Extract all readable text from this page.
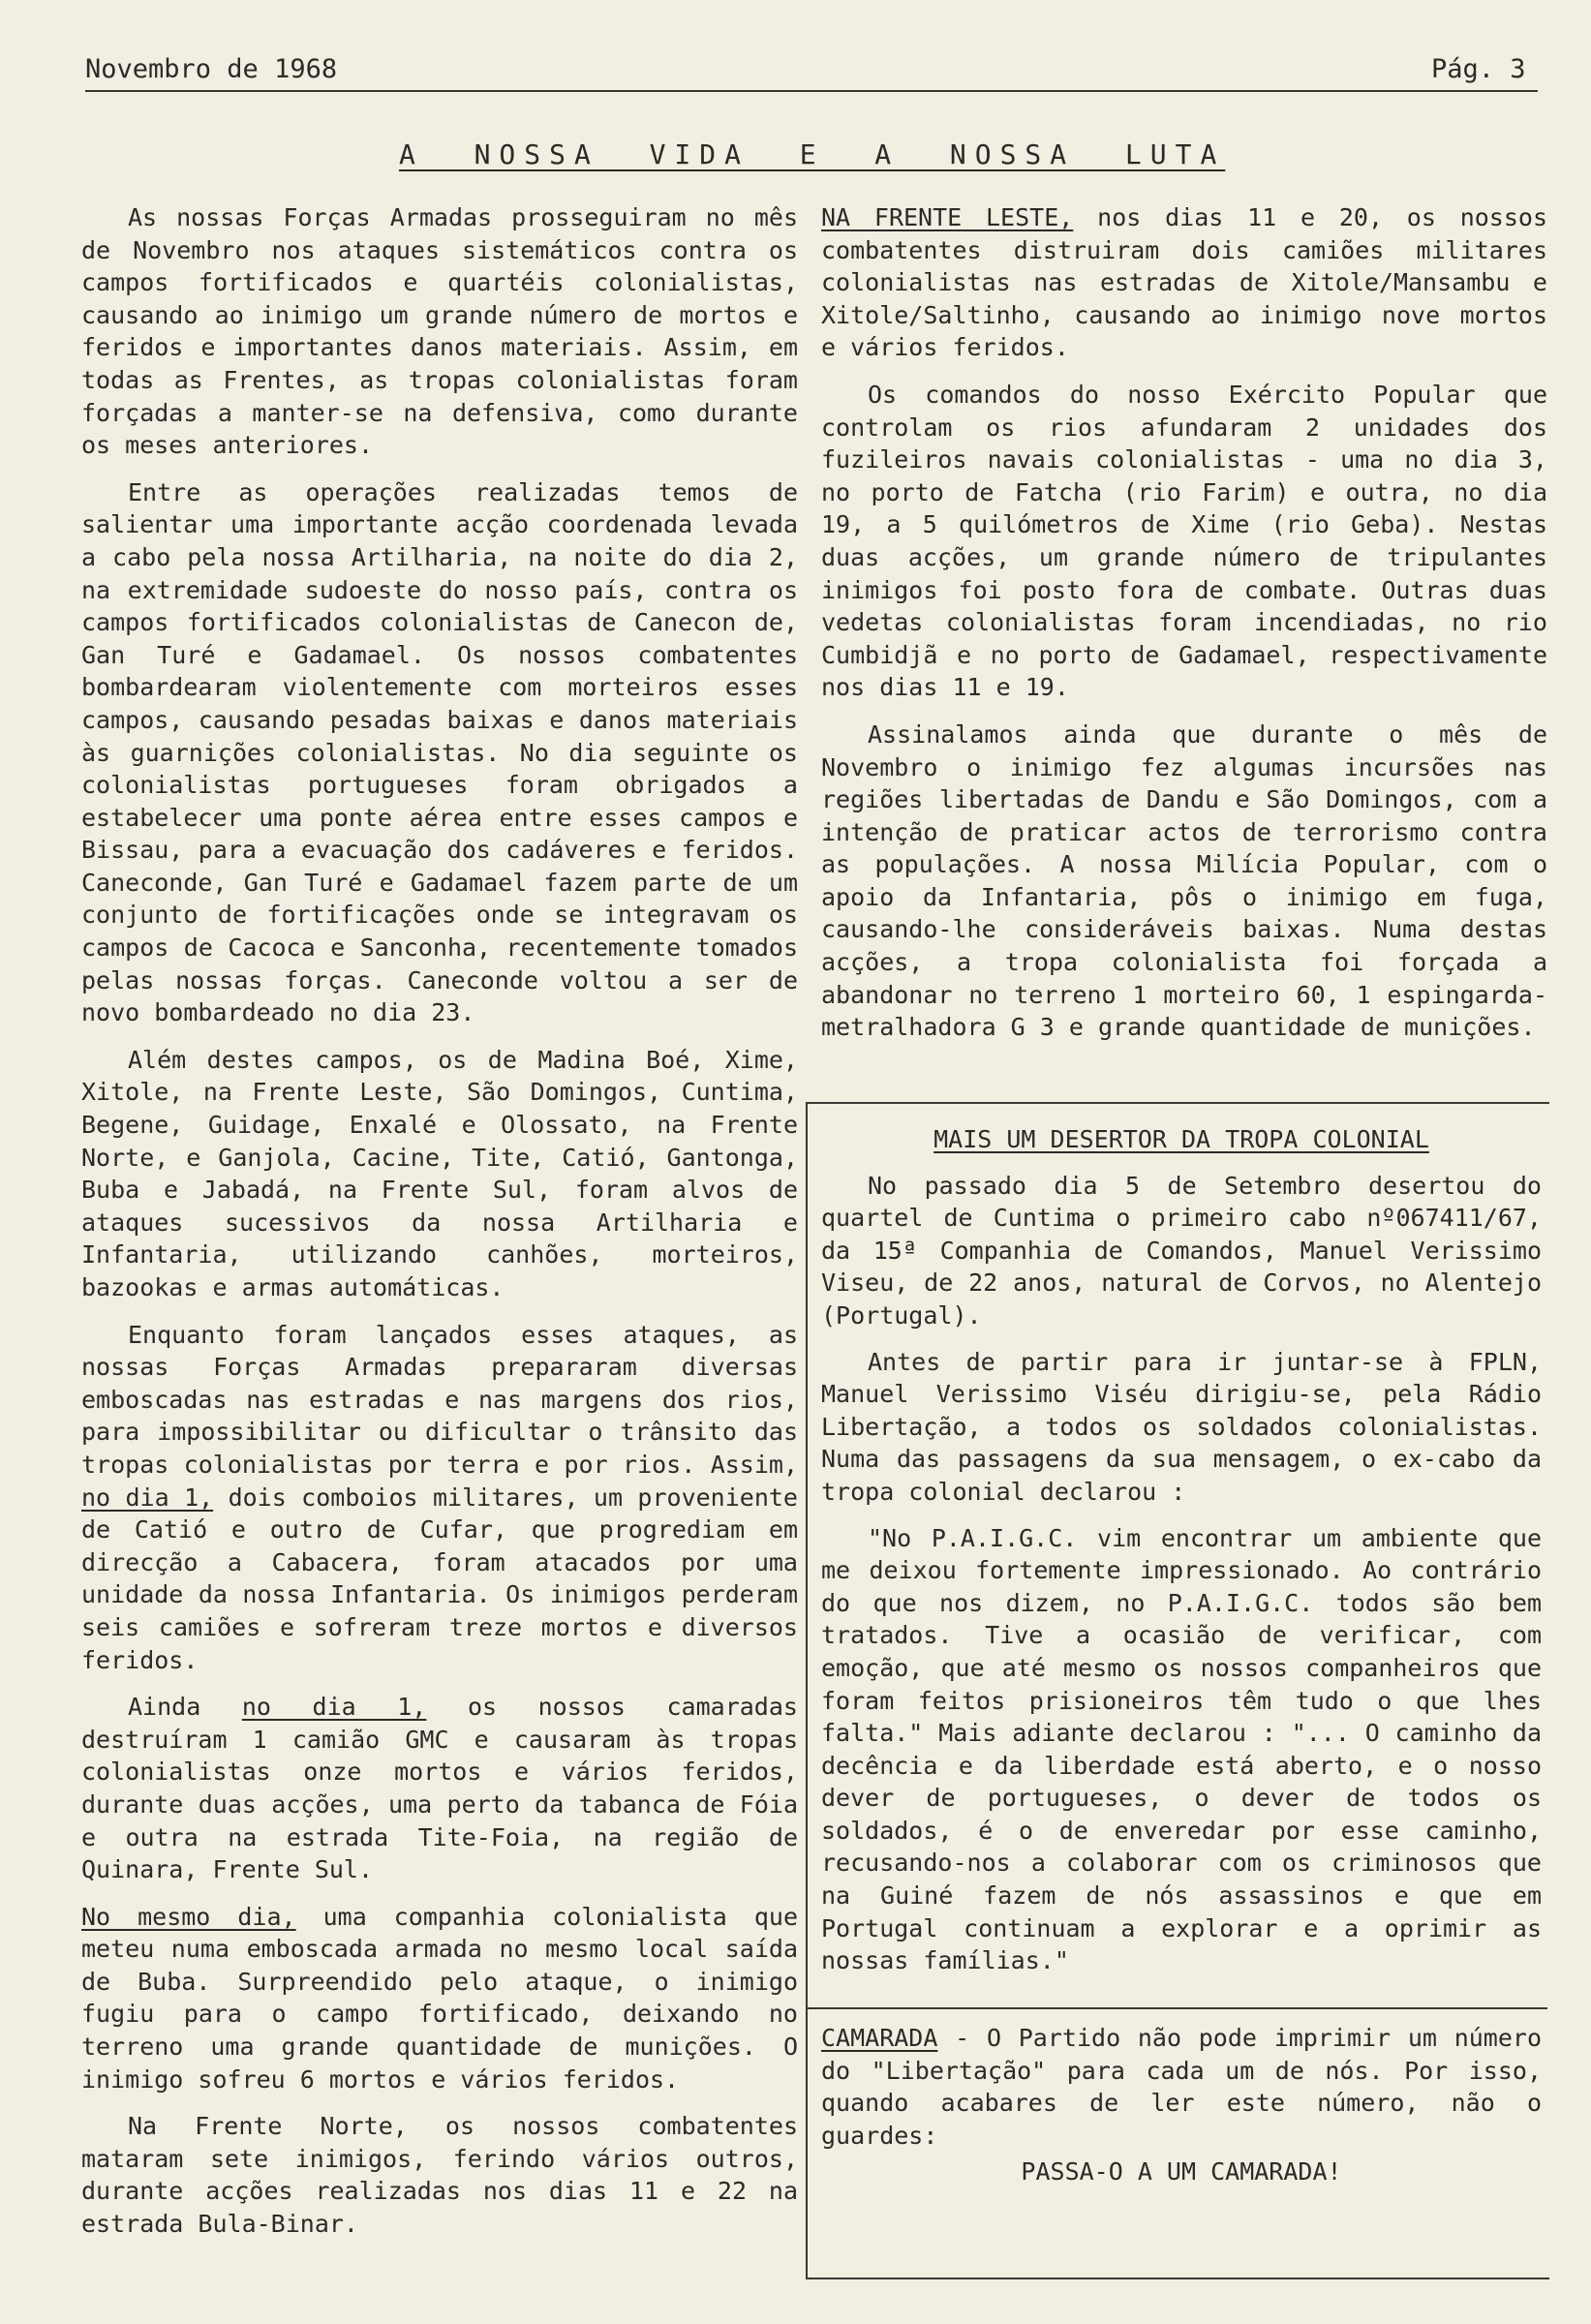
Novembro de 1968	Pág. 3
A  NOSSA  VIDA  E  A  NOSSA  LUTA

As nossas Forças Armadas prosseguiram no mês de Novembro nos ataques sistemáticos contra os campos fortificados e quartéis colonialistas, causando ao inimigo um grande número de mortos e feridos e importantes danos materiais. Assim, em todas as Frentes, as tropas colonialistas foram forçadas a manter-se na defensiva, como durante os meses anteriores.

Entre as operações realizadas temos de salientar uma importante acção coordenada levada a cabo pela nossa Artilharia, na noite do dia 2, na extremidade sudoeste do nosso país, contra os campos fortificados colonialistas de Canecon de, Gan Turé e Gadamael. Os nossos combatentes bombardearam violentemente com morteiros esses campos, causando pesadas baixas e danos materiais às guarnições colonialistas. No dia seguinte os colonialistas portugueses foram obrigados a estabelecer uma ponte aérea entre esses campos e Bissau, para a evacuação dos cadáveres e feridos. Caneconde, Gan Turé e Gadamael fazem parte de um conjunto de fortificações onde se integravam os campos de Cacoca e Sanconha, recentemente tomados pelas nossas forças. Caneconde voltou a ser de novo bombardeado no dia 23.

Além destes campos, os de Madina Boé, Xime, Xitole, na Frente Leste, São Domingos, Cuntima, Begene, Guidage, Enxalé e Olossato, na Frente Norte, e Ganjola, Cacine, Tite, Catió, Gantonga, Buba e Jabadá, na Frente Sul, foram alvos de ataques sucessivos da nossa Artilharia e Infantaria, utilizando canhões, morteiros, bazookas e armas automáticas.

Enquanto foram lançados esses ataques, as nossas Forças Armadas prepararam diversas emboscadas nas estradas e nas margens dos rios, para impossibilitar ou dificultar o trânsito das tropas colonialistas por terra e por rios. Assim, no dia 1, dois comboios militares, um proveniente de Catió e outro de Cufar, que progrediam em direcção a Cabacera, foram atacados por uma unidade da nossa Infantaria. Os inimigos perderam seis camiões e sofreram treze mortos e diversos feridos.

Ainda no dia 1, os nossos camaradas destruíram 1 camião GMC e causaram às tropas colonialistas onze mortos e vários feridos, durante duas acções, uma perto da tabanca de Fóia e outra na estrada Tite-Foia, na região de Quinara, Frente Sul.

No mesmo dia, uma companhia colonialista que meteu numa emboscada armada no mesmo local saída de Buba. Surpreendido pelo ataque, o inimigo fugiu para o campo fortificado, deixando no terreno uma grande quantidade de munições. O inimigo sofreu 6 mortos e vários feridos.

Na Frente Norte, os nossos combatentes mataram sete inimigos, ferindo vários outros, durante acções realizadas nos dias 11 e 22 na estrada Bula-Binar.

NA FRENTE LESTE, nos dias 11 e 20, os nossos combatentes distruiram dois camiões militares colonialistas nas estradas de Xitole/Mansambu e Xitole/Saltinho, causando ao inimigo nove mortos e vários feridos.

Os comandos do nosso Exército Popular que controlam os rios afundaram 2 unidades dos fuzileiros navais colonialistas - uma no dia 3, no porto de Fatcha (rio Farim) e outra, no dia 19, a 5 quilómetros de Xime (rio Geba). Nestas duas acções, um grande número de tripulantes inimigos foi posto fora de combate. Outras duas vedetas colonialistas foram incendiadas, no rio Cumbidjã e no porto de Gadamael, respectivamente nos dias 11 e 19.

Assinalamos ainda que durante o mês de Novembro o inimigo fez algumas incursões nas regiões libertadas de Dandu e São Domingos, com a intenção de praticar actos de terrorismo contra as populações. A nossa Milícia Popular, com o apoio da Infantaria, pôs o inimigo em fuga, causando-lhe consideráveis baixas. Numa destas acções, a tropa colonialista foi forçada a abandonar no terreno 1 morteiro 60, 1 espingarda-metralhadora G 3 e grande quantidade de munições.

MAIS UM DESERTOR DA TROPA COLONIAL

No passado dia 5 de Setembro desertou do quartel de Cuntima o primeiro cabo nº067411/67, da 15ª Companhia de Comandos, Manuel Verissimo Viseu, de 22 anos, natural de Corvos, no Alentejo (Portugal).

Antes de partir para ir juntar-se à FPLN, Manuel Verissimo Viséu dirigiu-se, pela Rádio Libertação, a todos os soldados colonialistas. Numa das passagens da sua mensagem, o ex-cabo da tropa colonial declarou :

"No P.A.I.G.C. vim encontrar um ambiente que me deixou fortemente impressionado. Ao contrário do que nos dizem, no P.A.I.G.C. todos são bem tratados. Tive a ocasião de verificar, com emoção, que até mesmo os nossos companheiros que foram feitos prisioneiros têm tudo o que lhes falta." Mais adiante declarou : "... O caminho da decência e da liberdade está aberto, e o nosso dever de portugueses, o dever de todos os soldados, é o de enveredar por esse caminho, recusando-nos a colaborar com os criminosos que na Guiné fazem de nós assassinos e que em Portugal continuam a explorar e a oprimir as nossas famílias."

CAMARADA - O Partido não pode imprimir um número do "Libertação" para cada um de nós. Por isso, quando acabares de ler este número, não o guardes:

PASSA-O A UM CAMARADA!
